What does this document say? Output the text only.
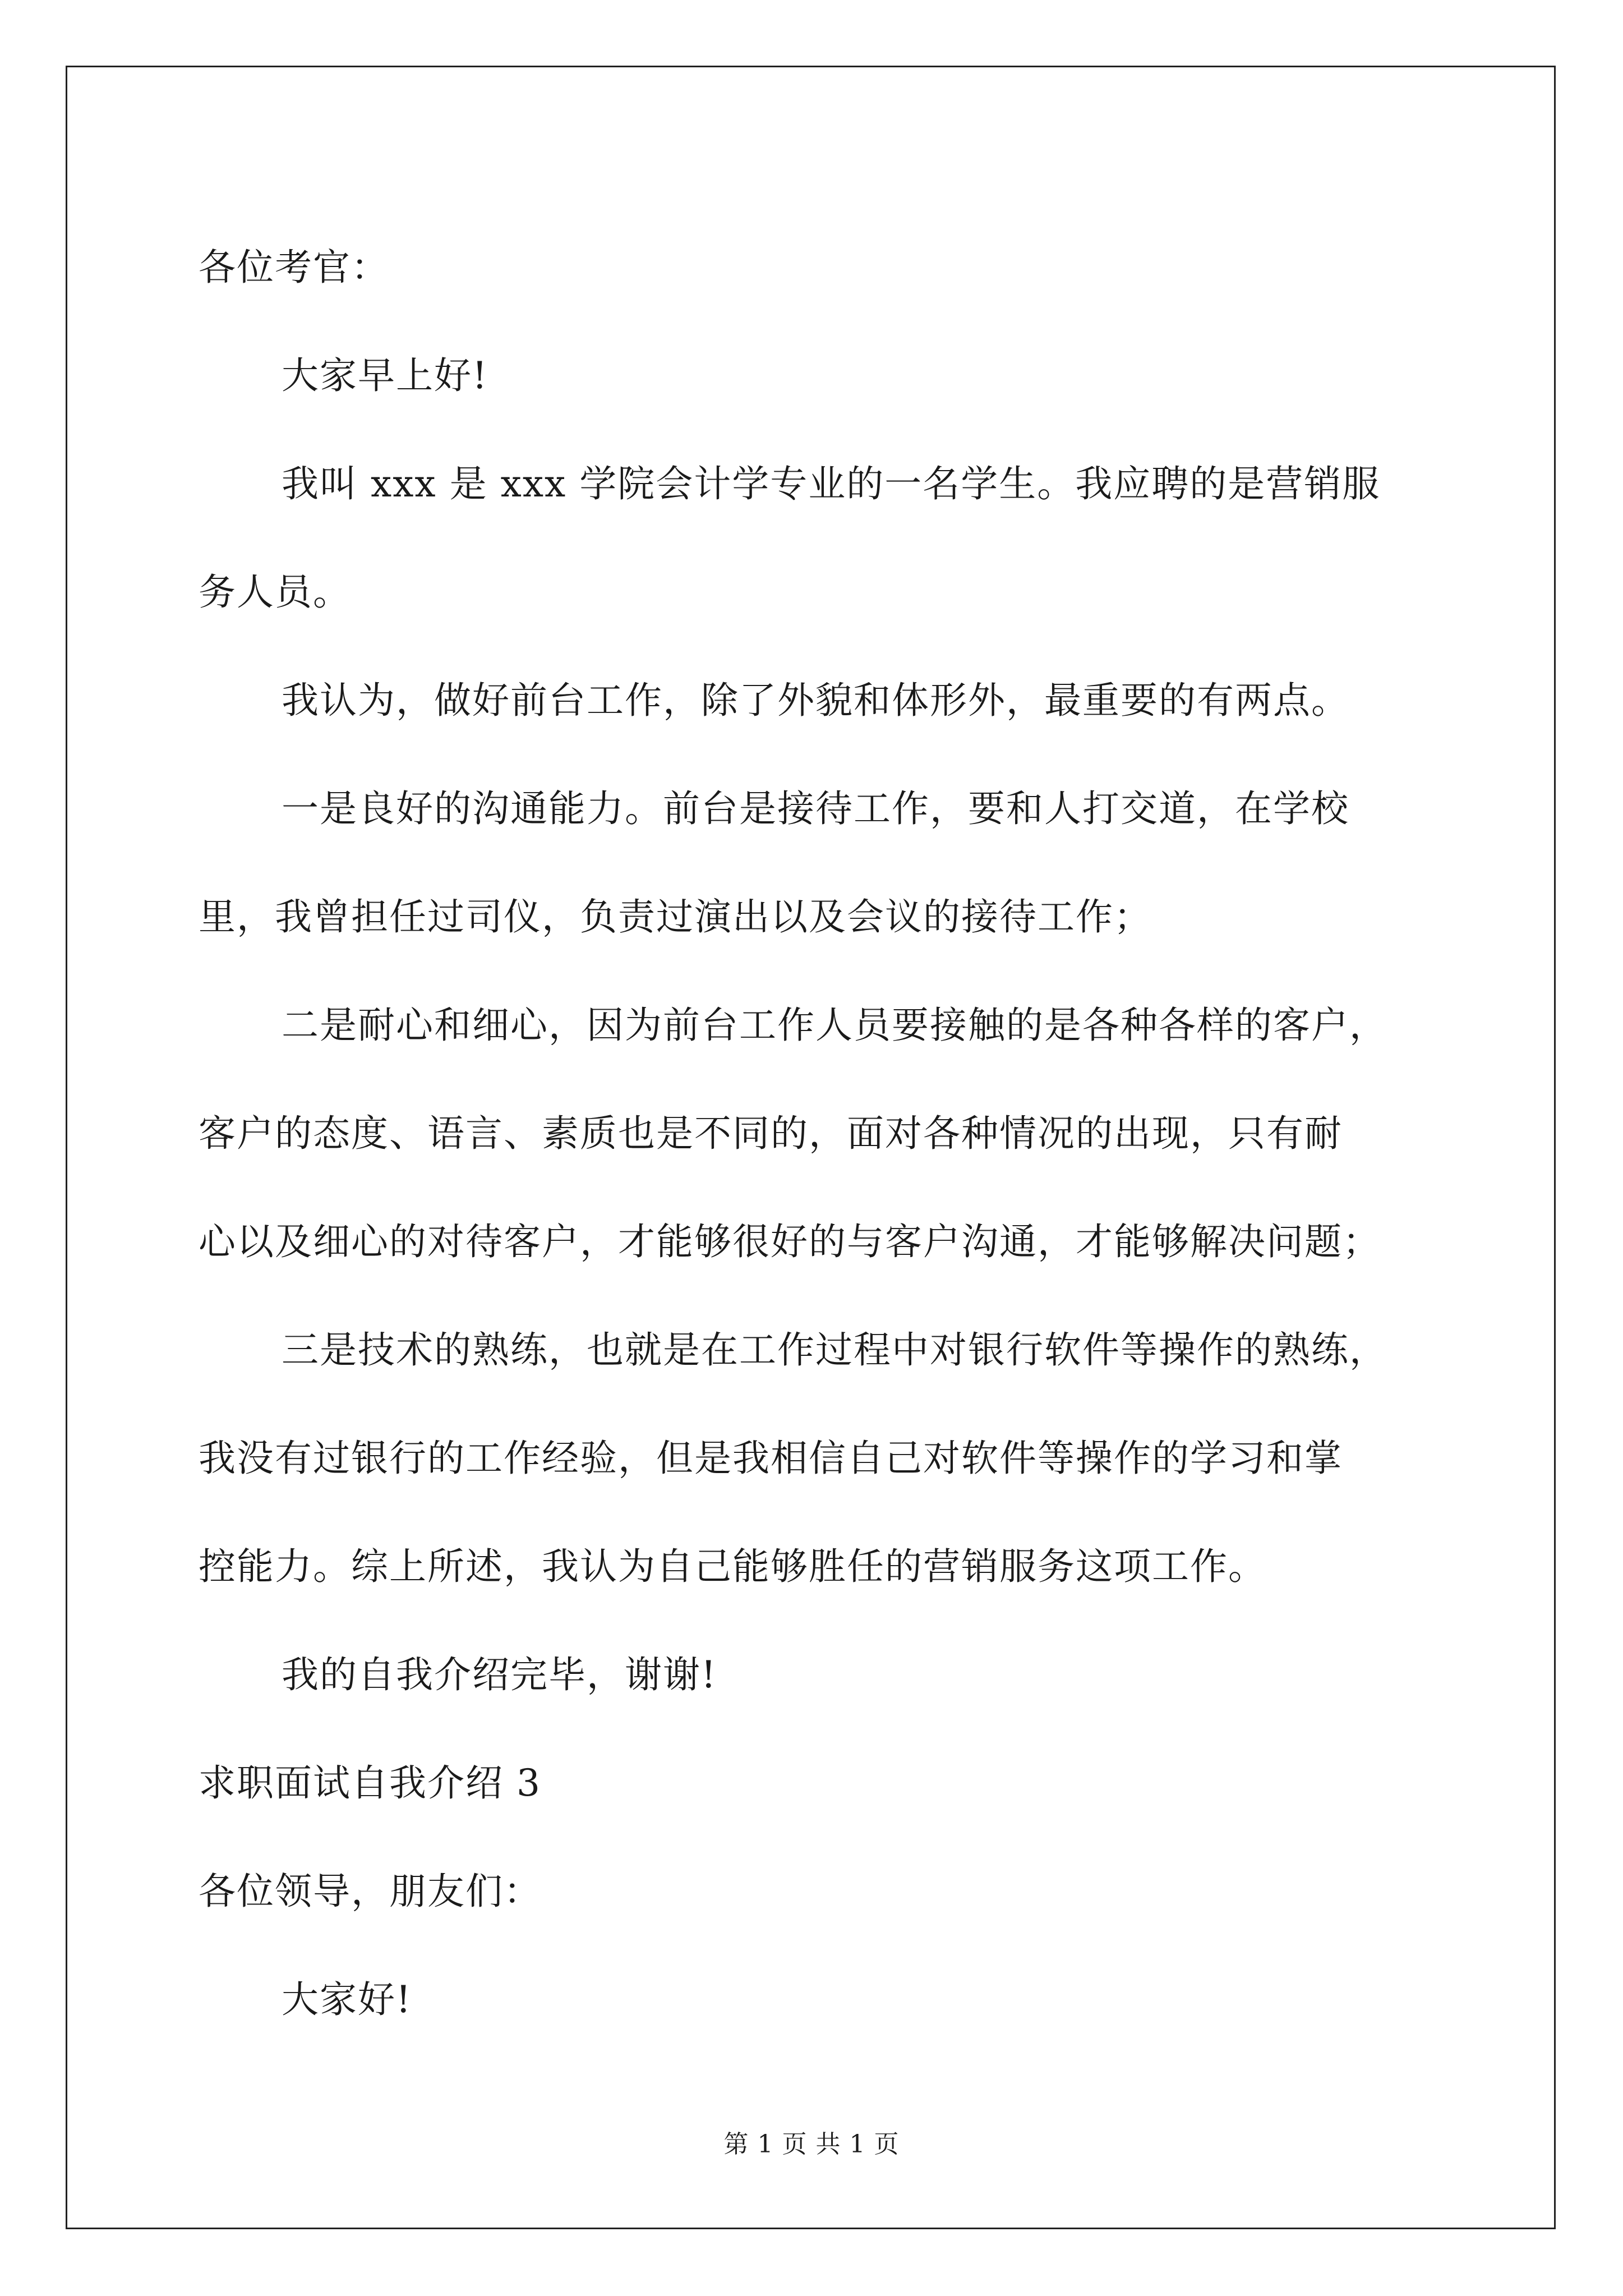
各位考官：
大家早上好!
我叫 xxx 是 xxx 学院会计学专业的一名学生。我应聘的是营销服
务人员。
我认为，做好前台工作，除了外貌和体形外，最重要的有两点。
一是良好的沟通能力。前台是接待工作，要和人打交道，在学校
里，我曾担任过司仪，负责过演出以及会议的接待工作；
二是耐心和细心，因为前台工作人员要接触的是各种各样的客户，
客户的态度、语言、素质也是不同的，面对各种情况的出现，只有耐
心以及细心的对待客户，才能够很好的与客户沟通，才能够解决问题；
三是技术的熟练，也就是在工作过程中对银行软件等操作的熟练，
我没有过银行的工作经验，但是我相信自己对软件等操作的学习和掌
控能力。综上所述，我认为自己能够胜任的营销服务这项工作。
我的自我介绍完毕，谢谢!
求职面试自我介绍 3
各位领导，朋友们：
大家好!
第 1 页 共 1 页
